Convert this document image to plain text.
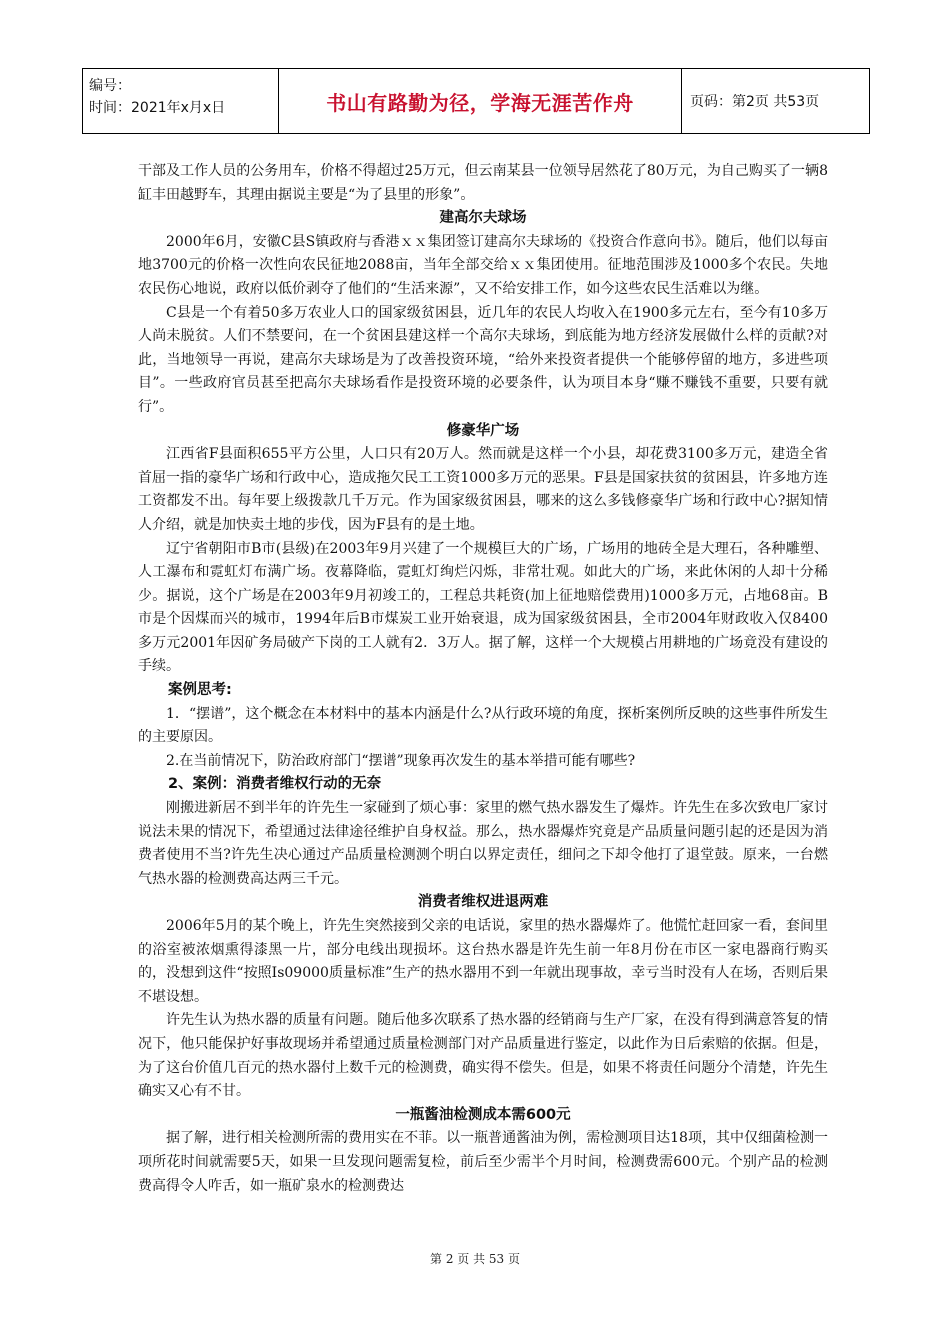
编号：
时间：2021年x月x日	书山有路勤为径，学海无涯苦作舟	页码：第2页 共53页

干部及工作人员的公务用车，价格不得超过25万元，但云南某县一位领导居然花了80万元，为自己购买了一辆8缸丰田越野车，其理由据说主要是“为了县里的形象”。

建高尔夫球场

2000年6月，安徽C县S镇政府与香港ｘｘ集团签订建高尔夫球场的《投资合作意向书》。随后，他们以每亩地3700元的价格一次性向农民征地2088亩，当年全部交给ｘｘ集团使用。征地范围涉及1000多个农民。失地农民伤心地说，政府以低价剥夺了他们的“生活来源”，又不给安排工作，如今这些农民生活难以为继。

C县是一个有着50多万农业人口的国家级贫困县，近几年的农民人均收入在1900多元左右，至今有10多万人尚未脱贫。人们不禁要问，在一个贫困县建这样一个高尔夫球场，到底能为地方经济发展做什么样的贡献?对此，当地领导一再说，建高尔夫球场是为了改善投资环境，“给外来投资者提供一个能够停留的地方，多进些项目”。一些政府官员甚至把高尔夫球场看作是投资环境的必要条件，认为项目本身“赚不赚钱不重要，只要有就行”。

修豪华广场

江西省F县面积655平方公里，人口只有20万人。然而就是这样一个小县，却花费3100多万元，建造全省首屈一指的豪华广场和行政中心，造成拖欠民工工资1000多万元的恶果。F县是国家扶贫的贫困县，许多地方连工资都发不出。每年要上级拨款几千万元。作为国家级贫困县，哪来的这么多钱修豪华广场和行政中心?据知情人介绍，就是加快卖土地的步伐，因为F县有的是土地。

辽宁省朝阳市B市(县级)在2003年9月兴建了一个规模巨大的广场，广场用的地砖全是大理石，各种雕塑、人工瀑布和霓虹灯布满广场。夜幕降临，霓虹灯绚烂闪烁，非常壮观。如此大的广场，来此休闲的人却十分稀少。据说，这个广场是在2003年9月初竣工的，工程总共耗资(加上征地赔偿费用)1000多万元，占地68亩。B市是个因煤而兴的城市，1994年后B市煤炭工业开始衰退，成为国家级贫困县，全市2004年财政收入仅8400多万元2001年因矿务局破产下岗的工人就有2．3万人。据了解，这样一个大规模占用耕地的广场竟没有建设的手续。

案例思考:

1．“摆谱”，这个概念在本材料中的基本内涵是什么?从行政环境的角度，探析案例所反映的这些事件所发生的主要原因。

2.在当前情况下，防治政府部门“摆谱”现象再次发生的基本举措可能有哪些?

2、案例：消费者维权行动的无奈

刚搬进新居不到半年的许先生一家碰到了烦心事：家里的燃气热水器发生了爆炸。许先生在多次致电厂家讨说法未果的情况下，希望通过法律途径维护自身权益。那么，热水器爆炸究竟是产品质量问题引起的还是因为消费者使用不当?许先生决心通过产品质量检测测个明白以界定责任，细问之下却令他打了退堂鼓。原来，一台燃气热水器的检测费高达两三千元。

消费者维权进退两难

2006年5月的某个晚上，许先生突然接到父亲的电话说，家里的热水器爆炸了。他慌忙赶回家一看，套间里的浴室被浓烟熏得漆黑一片，部分电线出现损坏。这台热水器是许先生前一年8月份在市区一家电器商行购买的，没想到这件“按照Is09000质量标准”生产的热水器用不到一年就出现事故，幸亏当时没有人在场，否则后果不堪设想。

许先生认为热水器的质量有问题。随后他多次联系了热水器的经销商与生产厂家，在没有得到满意答复的情况下，他只能保护好事故现场并希望通过质量检测部门对产品质量进行鉴定，以此作为日后索赔的依据。但是，为了这台价值几百元的热水器付上数千元的检测费，确实得不偿失。但是，如果不将责任问题分个清楚，许先生确实又心有不甘。

一瓶酱油检测成本需600元

据了解，进行相关检测所需的费用实在不菲。以一瓶普通酱油为例，需检测项目达18项，其中仅细菌检测一项所花时间就需要5天，如果一旦发现问题需复检，前后至少需半个月时间，检测费需600元。个别产品的检测费高得令人咋舌，如一瓶矿泉水的检测费达

第 2 页 共 53 页
